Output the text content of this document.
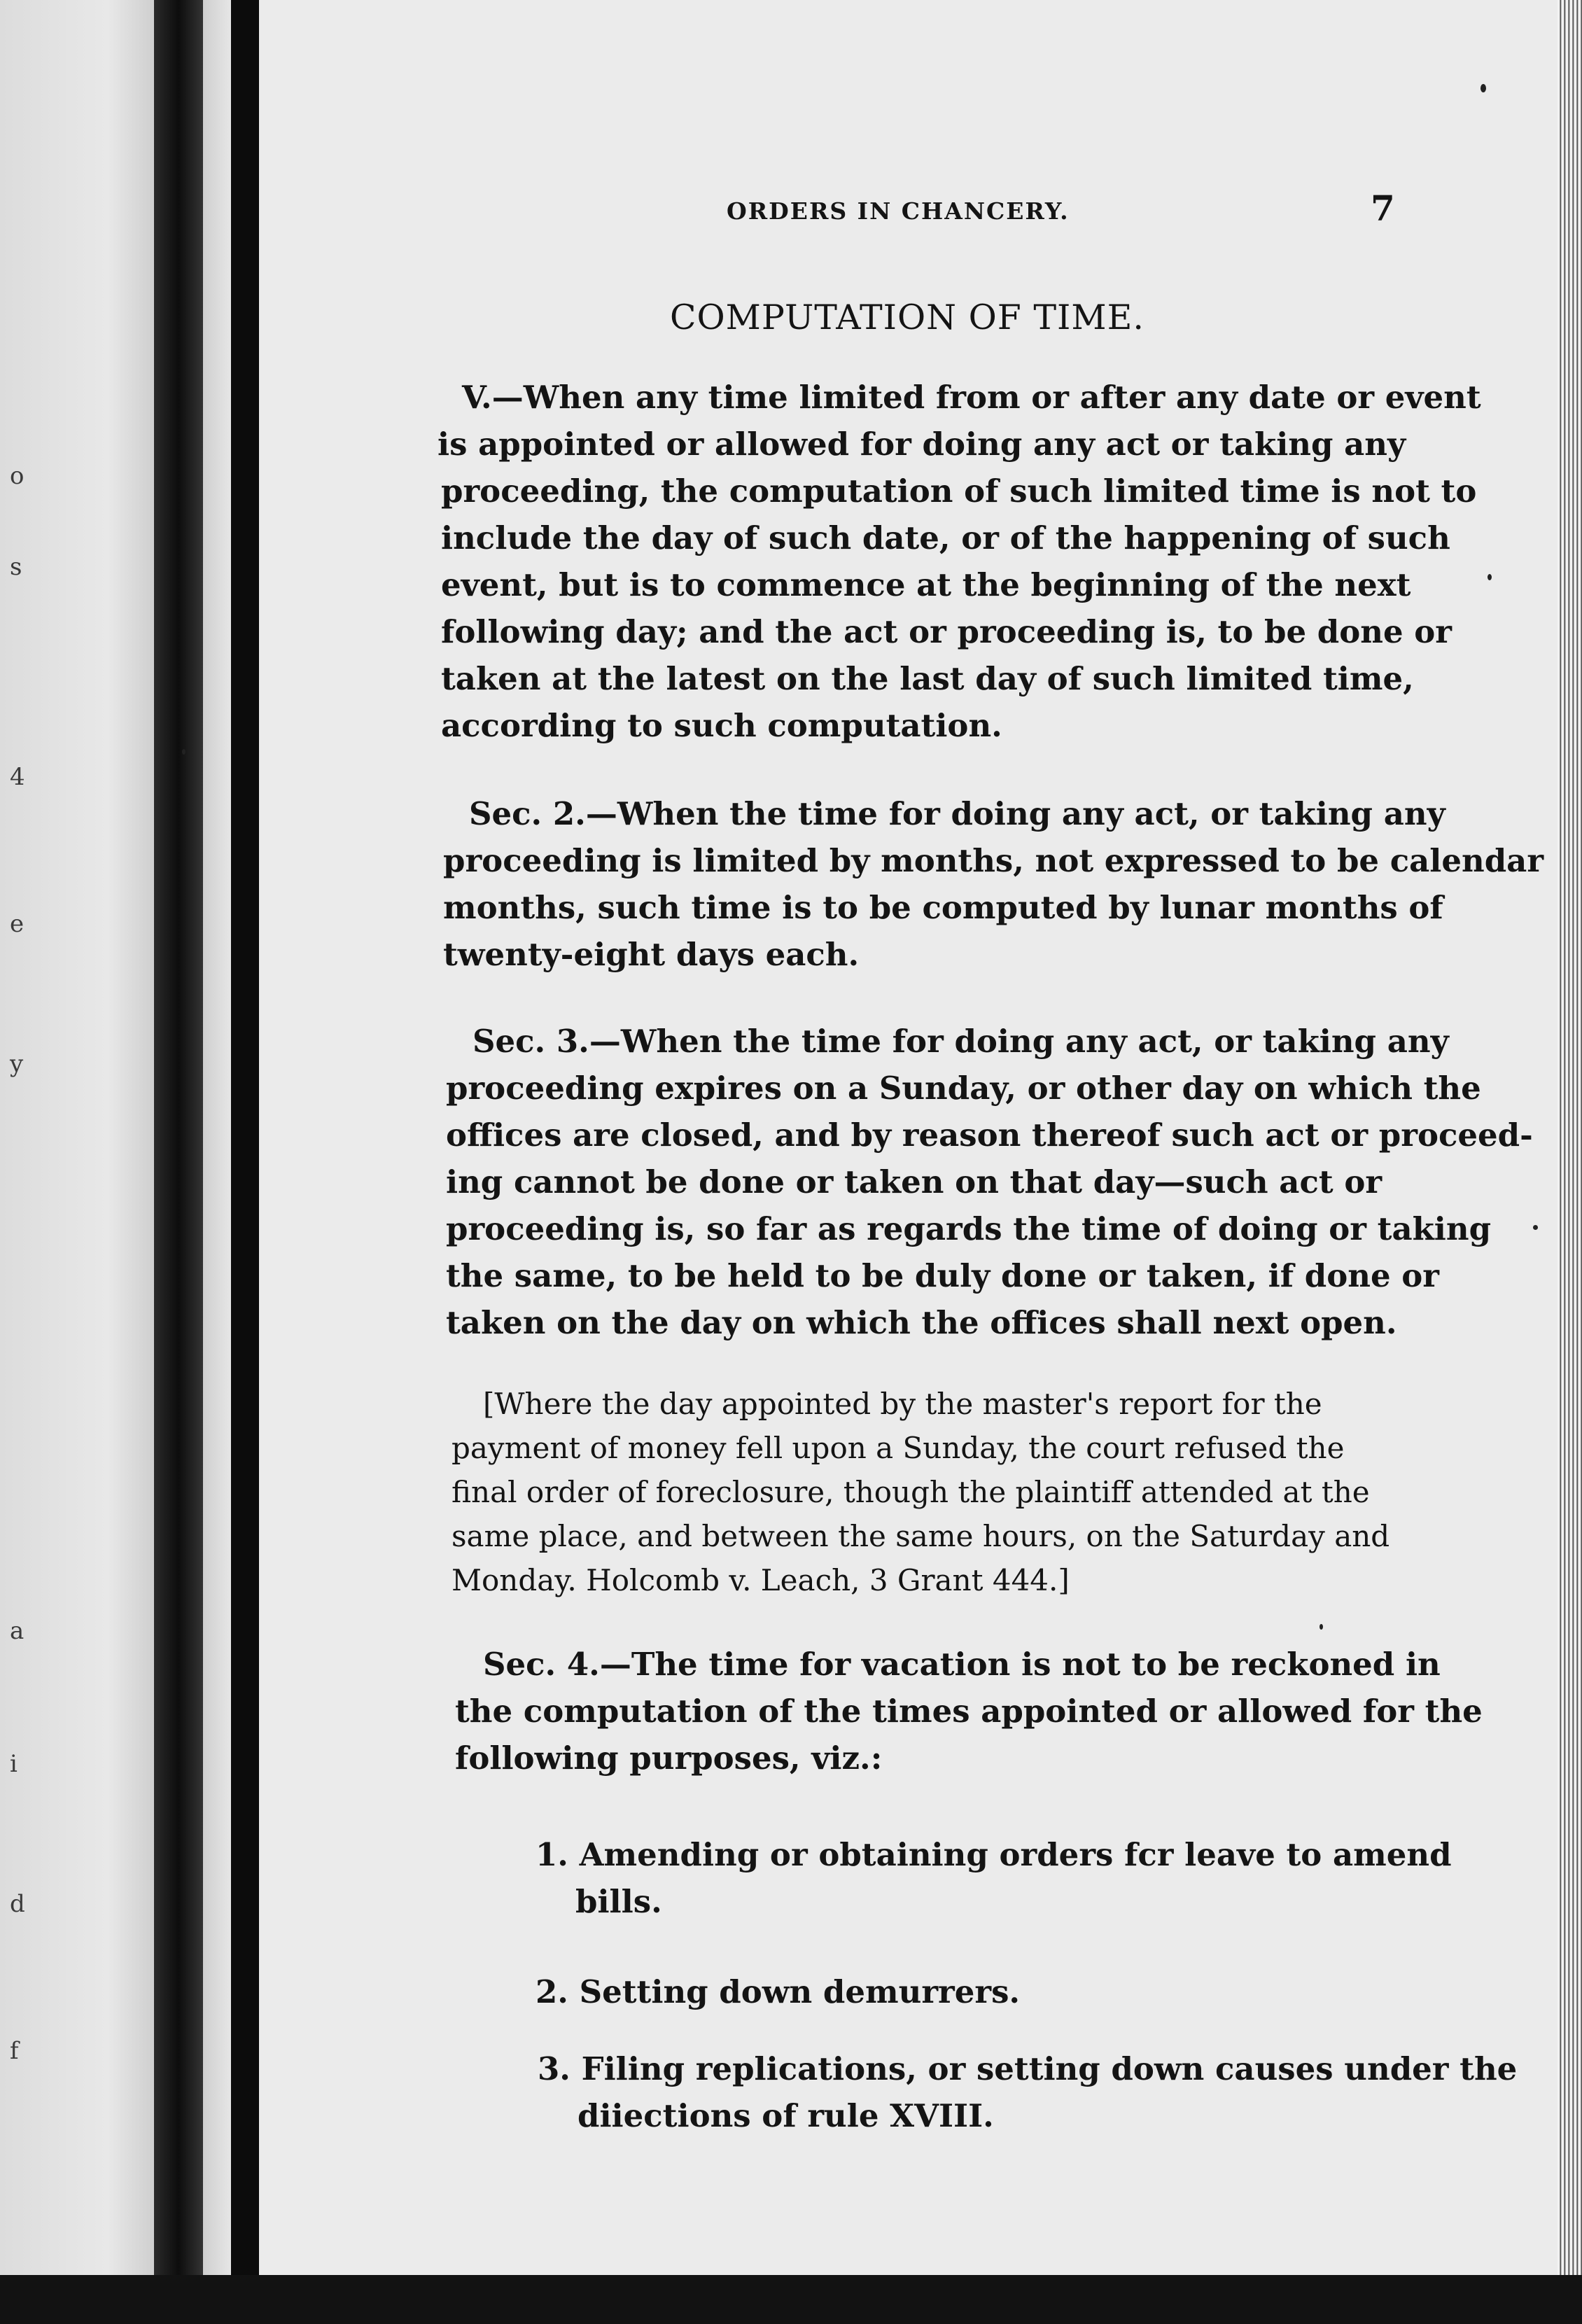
o
s
4
e
y
a
i
d
f
ORDERS IN CHANCERY.	7
COMPUTATION OF TIME.
V.—When any time limited from or after any date or event
is appointed or allowed for doing any act or taking any
proceeding, the computation of such limited time is not to
include the day of such date, or of the happening of such
event, but is to commence at the beginning of the next
following day; and the act or proceeding is, to be done or
taken at the latest on the last day of such limited time,
according to such computation.
Sec. 2.—When the time for doing any act, or taking any
proceeding is limited by months, not expressed to be calendar
months, such time is to be computed by lunar months of
twenty-eight days each.
Sec. 3.—When the time for doing any act, or taking any
proceeding expires on a Sunday, or other day on which the
offices are closed, and by reason thereof such act or proceed-
ing cannot be done or taken on that day—such act or
proceeding is, so far as regards the time of doing or taking
the same, to be held to be duly done or taken, if done or
taken on the day on which the offices shall next open.
[Where the day appointed by the master's report for the
payment of money fell upon a Sunday, the court refused the
final order of foreclosure, though the plaintiff attended at the
same place, and between the same hours, on the Saturday and
Monday. Holcomb v. Leach, 3 Grant 444.]
Sec. 4.—The time for vacation is not to be reckoned in
the computation of the times appointed or allowed for the
following purposes, viz.:
1. Amending or obtaining orders fcr leave to amend
bills.
2. Setting down demurrers.
3. Filing replications, or setting down causes under the
diiections of rule XVIII.
